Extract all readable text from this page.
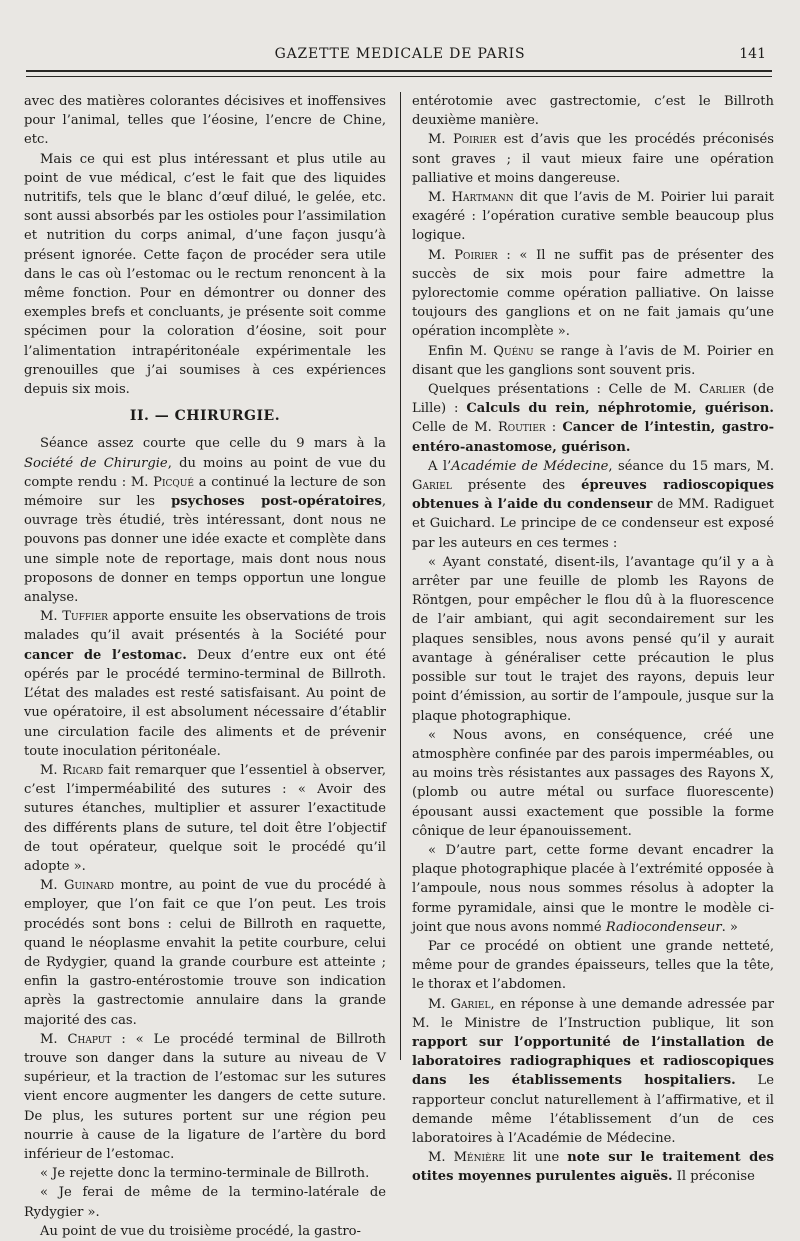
GAZETTE MEDICALE DE PARIS	141

avec des matières colorantes décisives et inoffensives pour l’animal, telles que l’éosine, l’encre de Chine, etc.

Mais ce qui est plus intéressant et plus utile au point de vue médical, c’est le fait que des liquides nutritifs, tels que le blanc d’œuf dilué, le gelée, etc. sont aussi absorbés par les ostioles pour l’assimilation et nutrition du corps animal, d’une façon jusqu’à présent ignorée. Cette façon de procéder sera utile dans le cas où l’estomac ou le rectum renoncent à la même fonction. Pour en démontrer ou donner des exemples brefs et concluants, je présente soit comme spécimen pour la coloration d’éosine, soit pour l’alimentation intrapéritonéale expérimentale les grenouilles que j’ai soumises à ces expériences depuis six mois.

II. — CHIRURGIE.

Séance assez courte que celle du 9 mars à la Société de Chirurgie, du moins au point de vue du compte rendu : M. Picqué a continué la lecture de son mémoire sur les psychoses post-opératoires, ouvrage très étudié, très intéressant, dont nous ne pouvons pas donner une idée exacte et complète dans une simple note de reportage, mais dont nous nous proposons de donner en temps opportun une longue analyse.

M. Tuffier apporte ensuite les observations de trois malades qu’il avait présentés à la Société pour cancer de l’estomac. Deux d’entre eux ont été opérés par le procédé termino-terminal de Billroth. L’état des malades est resté satisfaisant. Au point de vue opératoire, il est absolument nécessaire d’établir une circulation facile des aliments et de prévenir toute inoculation péritonéale.

M. Ricard fait remarquer que l’essentiel à observer, c’est l’imperméabilité des sutures : « Avoir des sutures étanches, multiplier et assurer l’exactitude des différents plans de suture, tel doit être l’objectif de tout opérateur, quelque soit le procédé qu’il adopte ».

M. Guinard montre, au point de vue du procédé à employer, que l’on fait ce que l’on peut. Les trois procédés sont bons : celui de Billroth en raquette, quand le néoplasme envahit la petite courbure, celui de Rydygier, quand la grande courbure est atteinte ; enfin la gastro-entérostomie trouve son indication après la gastrectomie annulaire dans la grande majorité des cas.

M. Chaput : « Le procédé terminal de Billroth trouve son danger dans la suture au niveau de V supérieur, et la traction de l’estomac sur les sutures vient encore augmenter les dangers de cette suture. De plus, les sutures portent sur une région peu nourrie à cause de la ligature de l’artère du bord inférieur de l’estomac.

« Je rejette donc la termino-terminale de Billroth.

« Je ferai de même de la termino-latérale de Rydygier ».

Au point de vue du troisième procédé, la gastro-

entérotomie avec gastrectomie, c’est le Billroth deuxième manière.

M. Poirier est d’avis que les procédés préconisés sont graves ; il vaut mieux faire une opération palliative et moins dangereuse.

M. Hartmann dit que l’avis de M. Poirier lui parait exagéré : l’opération curative semble beaucoup plus logique.

M. Poirier : « Il ne suffit pas de présenter des succès de six mois pour faire admettre la pylorectomie comme opération palliative. On laisse toujours des ganglions et on ne fait jamais qu’une opération incomplète ».

Enfin M. Quénu se range à l’avis de M. Poirier en disant que les ganglions sont souvent pris.

Quelques présentations : Celle de M. Carlier (de Lille) : Calculs du rein, néphrotomie, guérison. Celle de M. Routier : Cancer de l’intestin, gastro-entéro-anastomose, guérison.

A l’Académie de Médecine, séance du 15 mars, M. Gariel présente des épreuves radioscopiques obtenues à l’aide du condenseur de MM. Radiguet et Guichard. Le principe de ce condenseur est exposé par les auteurs en ces termes :

« Ayant constaté, disent-ils, l’avantage qu’il y a à arrêter par une feuille de plomb les Rayons de Röntgen, pour empêcher le flou dû à la fluorescence de l’air ambiant, qui agit secondairement sur les plaques sensibles, nous avons pensé qu’il y aurait avantage à généraliser cette précaution le plus possible sur tout le trajet des rayons, depuis leur point d’émission, au sortir de l’ampoule, jusque sur la plaque photographique.

« Nous avons, en conséquence, créé une atmosphère confinée par des parois imperméables, ou au moins très résistantes aux passages des Rayons X, (plomb ou autre métal ou surface fluorescente) épousant aussi exactement que possible la forme cônique de leur épanouissement.

« D’autre part, cette forme devant encadrer la plaque photographique placée à l’extrémité opposée à l’ampoule, nous nous sommes résolus à adopter la forme pyramidale, ainsi que le montre le modèle ci-joint que nous avons nommé Radiocondenseur. »

Par ce procédé on obtient une grande netteté, même pour de grandes épaisseurs, telles que la tête, le thorax et l’abdomen.

M. Gariel, en réponse à une demande adressée par M. le Ministre de l’Instruction publique, lit son rapport sur l’opportunité de l’installation de laboratoires radiographiques et radioscopiques dans les établissements hospitaliers. Le rapporteur conclut naturellement à l’affirmative, et il demande même l’établissement d’un de ces laboratoires à l’Académie de Médecine.

M. Ménière lit une note sur le traitement des otites moyennes purulentes aiguës. Il préconise
